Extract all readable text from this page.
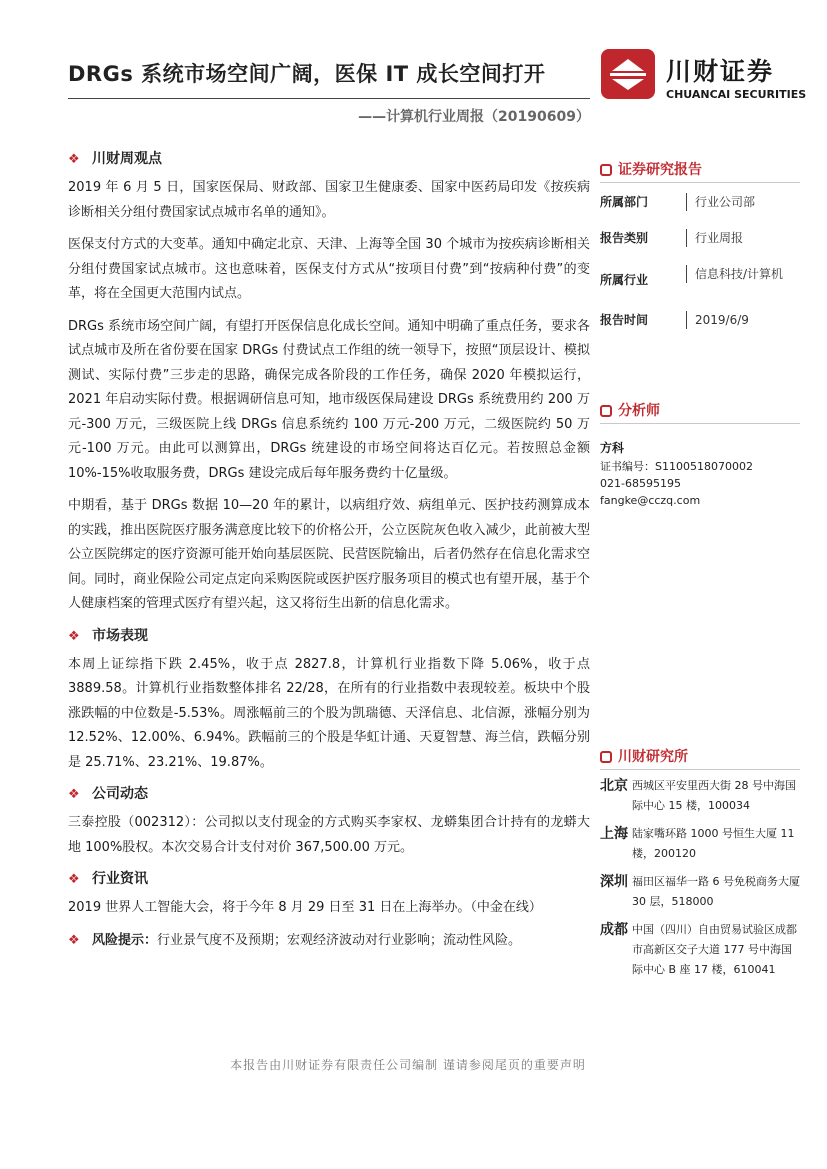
DRGs 系统市场空间广阔，医保 IT 成长空间打开
——计算机行业周报（20190609）
川财证券
CHUANCAI SECURITIES
❖ 川财周观点

2019 年 6 月 5 日，国家医保局、财政部、国家卫生健康委、国家中医药局印发《按疾病诊断相关分组付费国家试点城市名单的通知》。

医保支付方式的大变革。通知中确定北京、天津、上海等全国 30 个城市为按疾病诊断相关分组付费国家试点城市。这也意味着，医保支付方式从“按项目付费”到“按病种付费”的变革，将在全国更大范围内试点。

DRGs 系统市场空间广阔，有望打开医保信息化成长空间。通知中明确了重点任务，要求各试点城市及所在省份要在国家 DRGs 付费试点工作组的统一领导下，按照“顶层设计、模拟测试、实际付费”三步走的思路，确保完成各阶段的工作任务，确保 2020 年模拟运行，2021 年启动实际付费。根据调研信息可知，地市级医保局建设 DRGs 系统费用约 200 万元-300 万元，三级医院上线 DRGs 信息系统约 100 万元-200 万元，二级医院约 50 万元-100 万元。由此可以测算出，DRGs 统建设的市场空间将达百亿元。若按照总金额 10%-15%收取服务费，DRGs 建设完成后每年服务费约十亿量级。

中期看，基于 DRGs 数据 10—20 年的累计，以病组疗效、病组单元、医护技药测算成本的实践，推出医院医疗服务满意度比较下的价格公开，公立医院灰色收入减少，此前被大型公立医院绑定的医疗资源可能开始向基层医院、民营医院输出，后者仍然存在信息化需求空间。同时，商业保险公司定点定向采购医院或医护医疗服务项目的模式也有望开展，基于个人健康档案的管理式医疗有望兴起，这又将衍生出新的信息化需求。

❖ 市场表现

本周上证综指下跌 2.45%，收于点 2827.8，计算机行业指数下降 5.06%，收于点 3889.58。计算机行业指数整体排名 22/28，在所有的行业指数中表现较差。板块中个股涨跌幅的中位数是-5.53%。周涨幅前三的个股为凯瑞德、天泽信息、北信源，涨幅分别为 12.52%、12.00%、6.94%。跌幅前三的个股是华虹计通、天夏智慧、海兰信，跌幅分别是 25.71%、23.21%、19.87%。

❖ 公司动态

三泰控股（002312）：公司拟以支付现金的方式购买李家权、龙蟒集团合计持有的龙蟒大地 100%股权。本次交易合计支付对价 367,500.00 万元。

❖ 行业资讯

2019 世界人工智能大会，将于今年 8 月 29 日至 31 日在上海举办。（中金在线）

❖ 风险提示：行业景气度不及预期；宏观经济波动对行业影响；流动性风险。
证券研究报告
所属部门	行业公司部
报告类别	行业周报
所属行业	信息科技/计算机
报告时间	2019/6/9
分析师
方科
证书编号：S1100518070002
021-68595195
fangke@cczq.com
川财研究所
北京 西城区平安里西大街 28 号中海国际中心 15 楼，100034
上海 陆家嘴环路 1000 号恒生大厦 11 楼，200120
深圳 福田区福华一路 6 号免税商务大厦 30 层，518000
成都 中国（四川）自由贸易试验区成都市高新区交子大道 177 号中海国际中心 B 座 17 楼，610041
本报告由川财证券有限责任公司编制 谨请参阅尾页的重要声明
